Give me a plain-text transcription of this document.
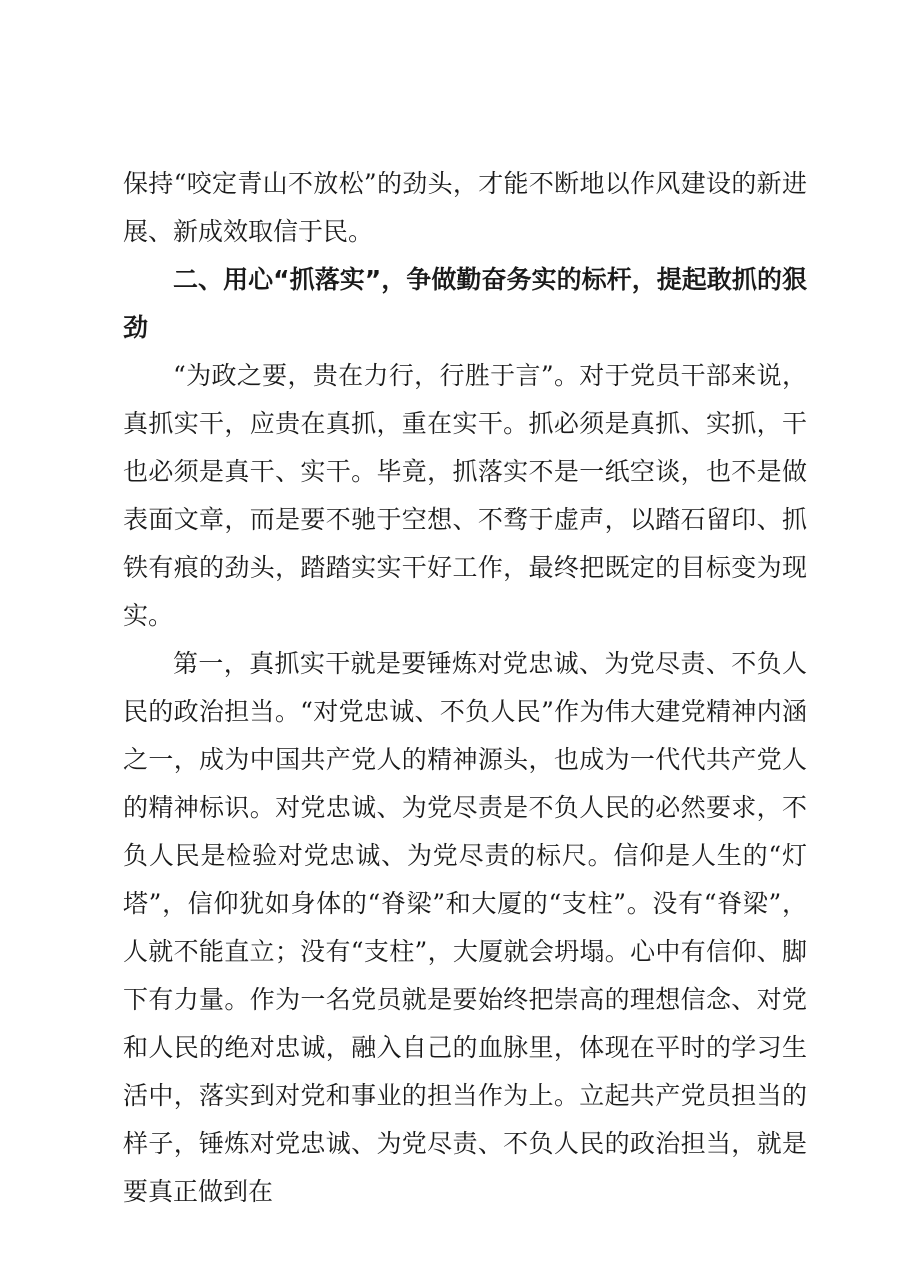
保持“咬定青山不放松”的劲头，才能不断地以作风建设的新进展、新成效取信于民。

二、用心“抓落实”，争做勤奋务实的标杆，提起敢抓的狠劲

“为政之要，贵在力行，行胜于言”。对于党员干部来说，真抓实干，应贵在真抓，重在实干。抓必须是真抓、实抓，干也必须是真干、实干。毕竟，抓落实不是一纸空谈，也不是做表面文章，而是要不驰于空想、不骛于虚声，以踏石留印、抓铁有痕的劲头，踏踏实实干好工作，最终把既定的目标变为现实。

第一，真抓实干就是要锤炼对党忠诚、为党尽责、不负人民的政治担当。“对党忠诚、不负人民”作为伟大建党精神内涵之一，成为中国共产党人的精神源头，也成为一代代共产党人的精神标识。对党忠诚、为党尽责是不负人民的必然要求，不负人民是检验对党忠诚、为党尽责的标尺。信仰是人生的“灯塔”，信仰犹如身体的“脊梁”和大厦的“支柱”。没有“脊梁”，人就不能直立；没有“支柱”，大厦就会坍塌。心中有信仰、脚下有力量。作为一名党员就是要始终把崇高的理想信念、对党和人民的绝对忠诚，融入自己的血脉里，体现在平时的学习生活中，落实到对党和事业的担当作为上。立起共产党员担当的样子，锤炼对党忠诚、为党尽责、不负人民的政治担当，就是要真正做到在
